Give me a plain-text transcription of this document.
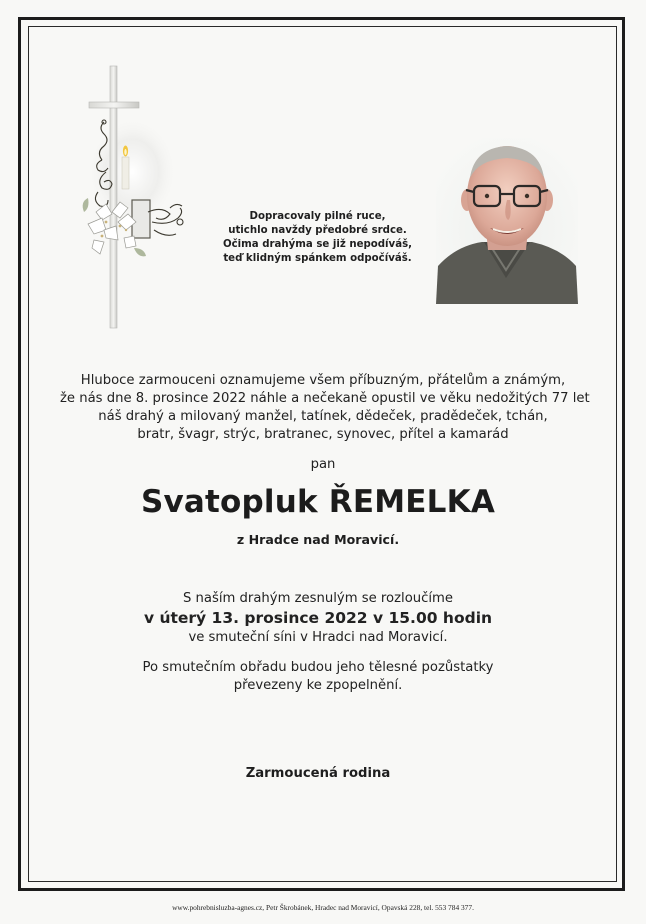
Dopracovaly pilné ruce,
utichlo navždy předobré srdce.
Očima drahýma se již nepodíváš,
teď klidným spánkem odpočíváš.
Hluboce zarmouceni oznamujeme všem příbuzným, přátelům a známým,
že nás dne 8. prosince 2022 náhle a nečekaně opustil ve věku nedožitých 77 let
náš drahý a milovaný manžel, tatínek, dědeček, pradědeček, tchán,
bratr, švagr, strýc, bratranec, synovec, přítel a kamarád
pan
Svatopluk ŘEMELKA
z Hradce nad Moravicí.
S naším drahým zesnulým se rozloučíme
v úterý 13. prosince 2022 v 15.00 hodin
ve smuteční síni v Hradci nad Moravicí.
Po smutečním obřadu budou jeho tělesné pozůstatky
převezeny ke zpopelnění.
Zarmoucená rodina
www.pohrebnisluzba-agnes.cz, Petr Škrobánek, Hradec nad Moravicí, Opavská 228, tel. 553 784 377.
